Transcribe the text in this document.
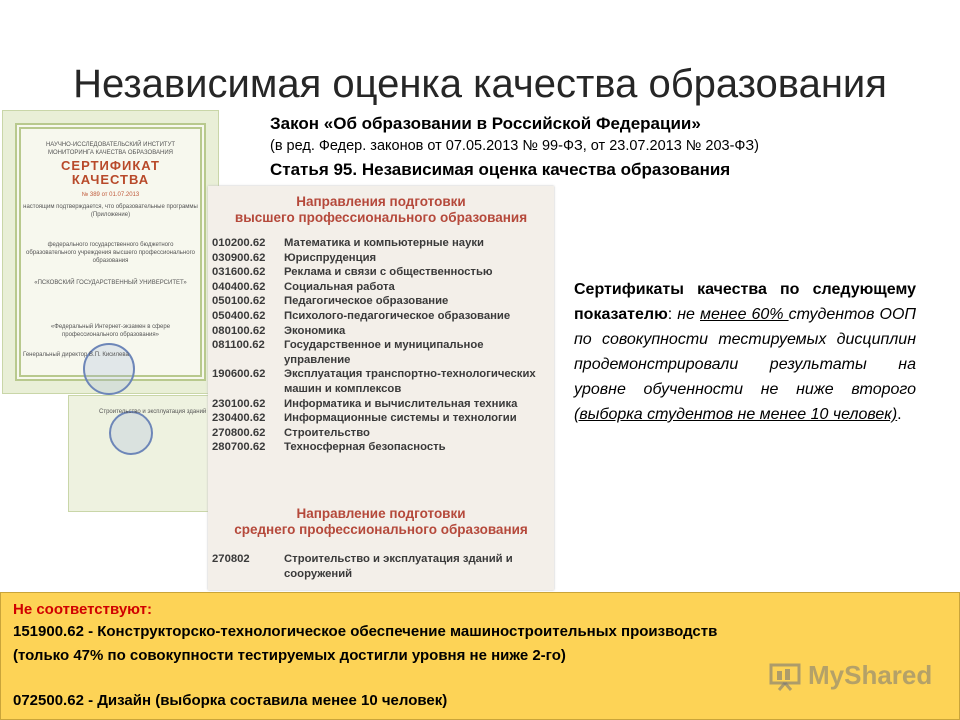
Независимая оценка качества образования
Закон «Об образовании в Российской Федерации»
(в ред. Федер. законов от 07.05.2013 № 99-ФЗ, от 23.07.2013 № 203-ФЗ)
Статья 95. Независимая оценка качества образования
НАУЧНО-ИССЛЕДОВАТЕЛЬСКИЙ ИНСТИТУТ МОНИТОРИНГА КАЧЕСТВА ОБРАЗОВАНИЯ
СЕРТИФИКАТ КАЧЕСТВА
№ 389 от 01.07.2013
настоящим подтверждается, что образовательные программы (Приложение)
федерального государственного бюджетного образовательного учреждения высшего профессионального образования
«ПСКОВСКИЙ ГОСУДАРСТВЕННЫЙ УНИВЕРСИТЕТ»
«Федеральный Интернет-экзамен в сфере профессионального образования»
Генеральный директор В.П. Кисилева
Строительство и эксплуатация зданий
Направления подготовки
высшего профессионального образования
010200.62	Математика и компьютерные науки
030900.62	Юриспруденция
031600.62	Реклама и связи с общественностью
040400.62	Социальная работа
050100.62	Педагогическое образование
050400.62	Психолого-педагогическое образование
080100.62	Экономика
081100.62	Государственное и муниципальное управление
190600.62	Эксплуатация транспортно-технологических машин и комплексов
230100.62	Информатика и вычислительная техника
230400.62	Информационные системы и технологии
270800.62	Строительство
280700.62	Техносферная безопасность
Направление подготовки
среднего профессионального образования
270802	Строительство и эксплуатация зданий и сооружений
Сертификаты качества по следующему показателю: не менее 60% студентов ООП по совокупности тестируемых дисциплин продемонстрировали результаты на уровне обученности не ниже второго (выборка студентов не менее 10 человек).
Не соответствуют:
151900.62 - Конструкторско-технологическое обеспечение машиностроительных производств
(только 47% по совокупности тестируемых достигли уровня не ниже 2-го)
072500.62 - Дизайн (выборка составила менее 10 человек)
MyShared
